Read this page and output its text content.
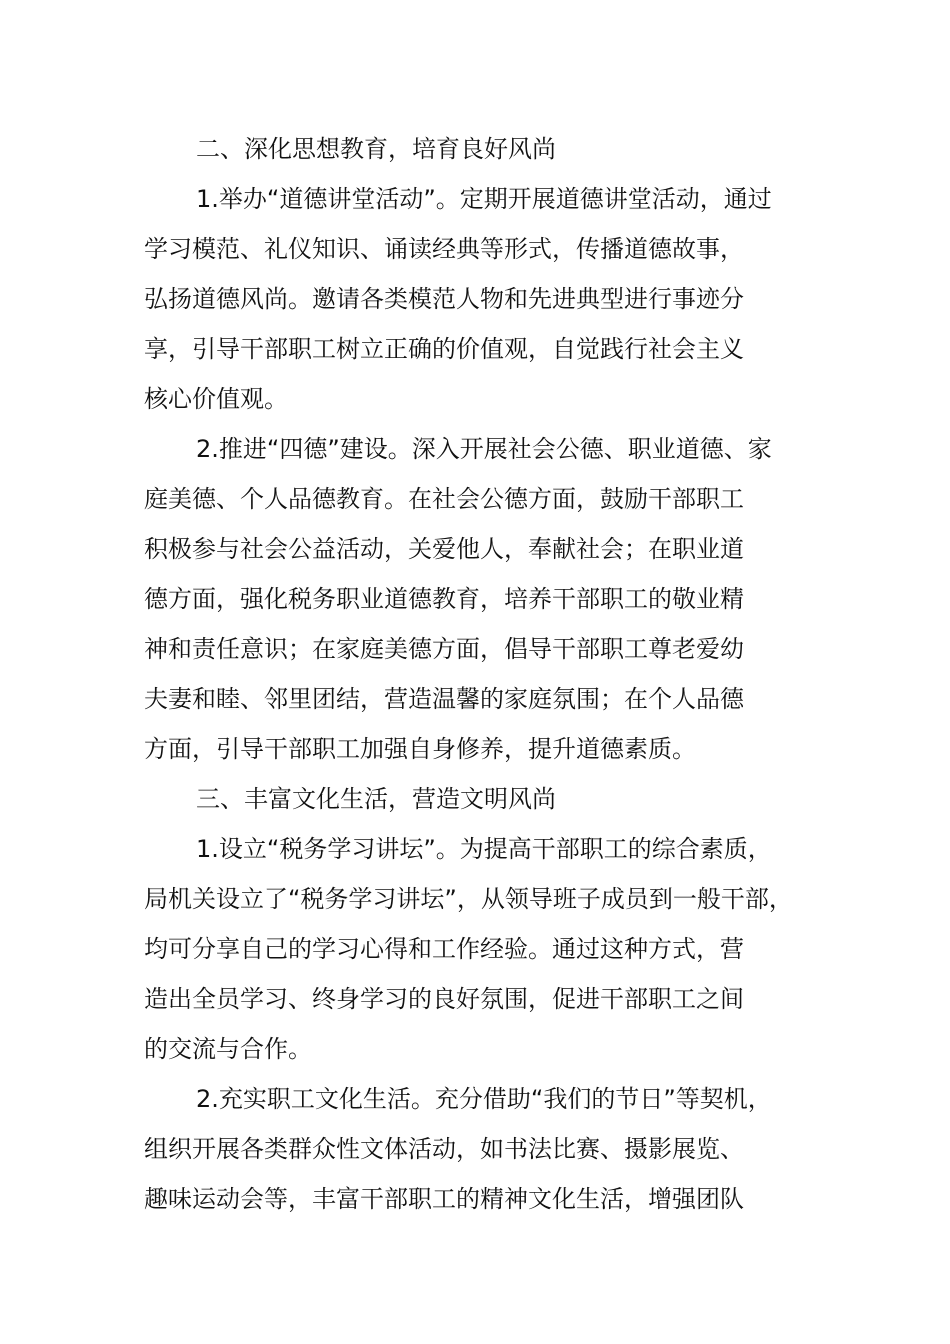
二、深化思想教育，培育良好风尚
1.举办“道德讲堂活动”。定期开展道德讲堂活动，通过
学习模范、礼仪知识、诵读经典等形式，传播道德故事，
弘扬道德风尚。邀请各类模范人物和先进典型进行事迹分
享，引导干部职工树立正确的价值观，自觉践行社会主义
核心价值观。
2.推进“四德”建设。深入开展社会公德、职业道德、家
庭美德、个人品德教育。在社会公德方面，鼓励干部职工
积极参与社会公益活动，关爱他人，奉献社会；在职业道
德方面，强化税务职业道德教育，培养干部职工的敬业精
神和责任意识；在家庭美德方面，倡导干部职工尊老爱幼
夫妻和睦、邻里团结，营造温馨的家庭氛围；在个人品德
方面，引导干部职工加强自身修养，提升道德素质。
三、丰富文化生活，营造文明风尚
1.设立“税务学习讲坛”。为提高干部职工的综合素质，
局机关设立了“税务学习讲坛”，从领导班子成员到一般干部，
均可分享自己的学习心得和工作经验。通过这种方式，营
造出全员学习、终身学习的良好氛围，促进干部职工之间
的交流与合作。
2.充实职工文化生活。充分借助“我们的节日”等契机，
组织开展各类群众性文体活动，如书法比赛、摄影展览、
趣味运动会等，丰富干部职工的精神文化生活，增强团队
